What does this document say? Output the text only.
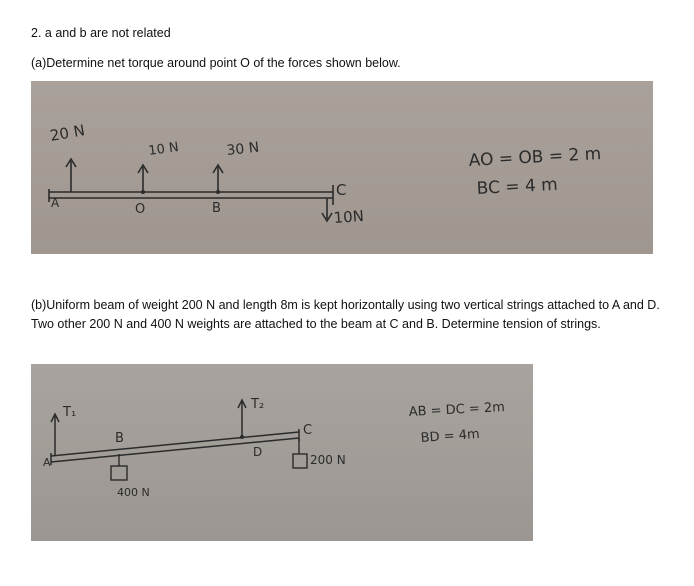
2. a and b are not related

(a)Determine net torque around point O of the forces shown below.

20 N
10 N	30 N
10N
A	O	B
C
AO = OB = 2 m
BC = 4 m

(b)Uniform beam of weight 200 N and length 8m is kept horizontally using two vertical strings attached to A and D. Two other 200 N and 400 N weights are attached to the beam at C and B. Determine tension of strings.

T₁
T₂
A
B
C
D
400 N
200 N
AB = DC = 2m
BD = 4m
